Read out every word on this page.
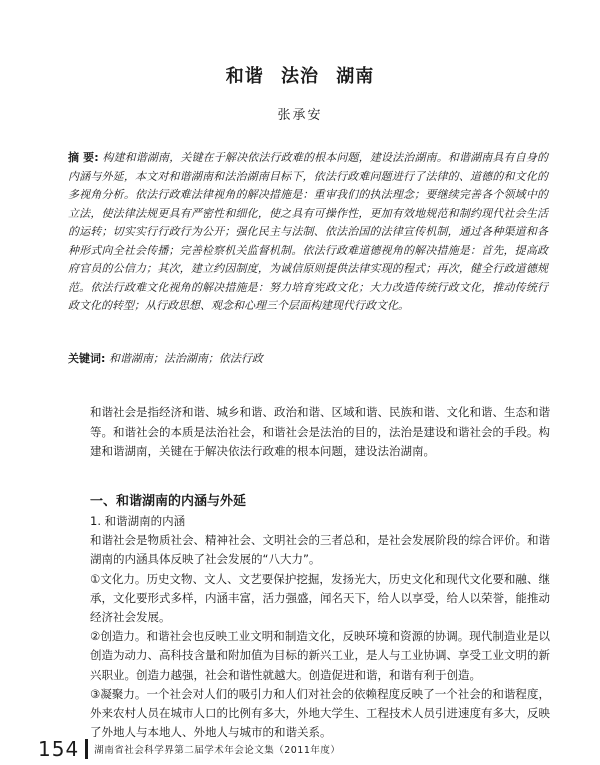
和谐 法治 湖南
张承安
摘 要: 构建和谐湖南，关键在于解决依法行政难的根本问题，建设法治湖南。和谐湖南具有自身的内涵与外延，本文对和谐湖南和法治湖南目标下，依法行政难问题进行了法律的、道德的和文化的多视角分析。依法行政难法律视角的解决措施是：重审我们的执法理念；要继续完善各个领域中的立法，使法律法规更具有严密性和细化，使之具有可操作性，更加有效地规范和制约现代社会生活的运转；切实实行行政行为公开；强化民主与法制、依法治国的法律宣传机制，通过各种渠道和各种形式向全社会传播；完善检察机关监督机制。依法行政难道德视角的解决措施是：首先，提高政府官员的公信力；其次，建立约因制度，为诚信原则提供法律实现的程式；再次，健全行政道德规范。依法行政难文化视角的解决措施是：努力培育宪政文化；大力改造传统行政文化，推动传统行政文化的转型；从行政思想、观念和心理三个层面构建现代行政文化。
关键词: 和谐湖南；法治湖南；依法行政

和谐社会是指经济和谐、城乡和谐、政治和谐、区域和谐、民族和谐、文化和谐、生态和谐等。和谐社会的本质是法治社会，和谐社会是法治的目的，法治是建设和谐社会的手段。构建和谐湖南，关键在于解决依法行政难的根本问题，建设法治湖南。

一、和谐湖南的内涵与外延

1. 和谐湖南的内涵

和谐社会是物质社会、精神社会、文明社会的三者总和，是社会发展阶段的综合评价。和谐湖南的内涵具体反映了社会发展的“八大力”。

①文化力。历史文物、文人、文艺要保护挖掘，发扬光大，历史文化和现代文化要和融、继承，文化要形式多样，内涵丰富，活力强盛，闻名天下，给人以享受，给人以荣誉，能推动经济社会发展。

②创造力。和谐社会也反映工业文明和制造文化，反映环境和资源的协调。现代制造业是以创造为动力、高科技含量和附加值为目标的新兴工业，是人与工业协调、享受工业文明的新兴职业。创造力越强，社会和谐性就越大。创造促进和谐，和谐有利于创造。

③凝聚力。一个社会对人们的吸引力和人们对社会的依赖程度反映了一个社会的和谐程度，外来农村人员在城市人口的比例有多大，外地大学生、工程技术人员引进速度有多大，反映了外地人与本地人、外地人与城市的和谐关系。

154 湖南省社会科学界第二届学术年会论文集（2011年度）
